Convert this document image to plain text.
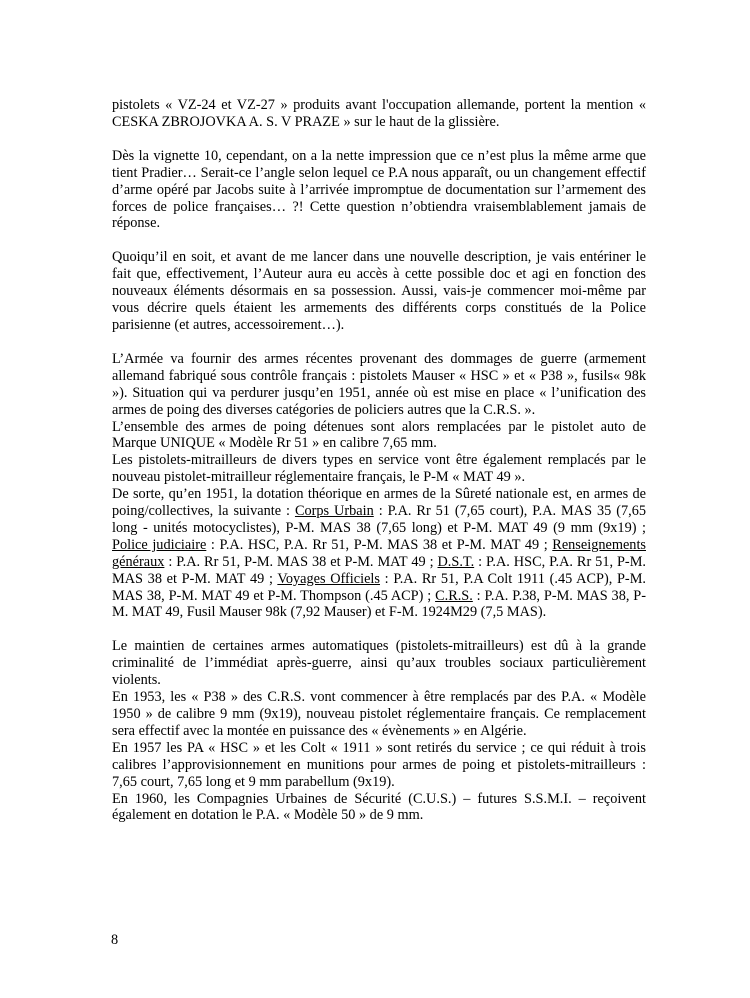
pistolets « VZ-24 et VZ-27 » produits avant l'occupation allemande, portent la mention « CESKA ZBROJOVKA A. S. V PRAZE » sur le haut de la glissière.

Dès la vignette 10, cependant, on a la nette impression que ce n’est plus la même arme que tient Pradier… Serait-ce l’angle selon lequel ce P.A nous apparaît, ou un changement effectif d’arme opéré par Jacobs suite à l’arrivée impromptue de documentation sur l’armement des forces de police françaises… ?! Cette question n’obtiendra vraisemblablement jamais de réponse.

Quoiqu’il en soit, et avant de me lancer dans une nouvelle description, je vais entériner le fait que, effectivement, l’Auteur aura eu accès à cette possible doc et agi en fonction des nouveaux éléments désormais en sa possession. Aussi, vais-je commencer moi-même par vous décrire quels étaient les armements des différents corps constitués de la Police parisienne (et autres, accessoirement…).

L’Armée va fournir des armes récentes provenant des dommages de guerre (armement allemand fabriqué sous contrôle français : pistolets Mauser « HSC » et « P38 », fusils« 98k »). Situation qui va perdurer jusqu’en 1951, année où est mise en place « l’unification des armes de poing des diverses catégories de policiers autres que la C.R.S. ».

L’ensemble des armes de poing détenues sont alors remplacées par le pistolet auto de Marque UNIQUE « Modèle Rr 51 » en calibre 7,65 mm.

Les pistolets-mitrailleurs de divers types en service vont être également remplacés par le nouveau pistolet-mitrailleur réglementaire français, le P-M « MAT 49 ».

De sorte, qu’en 1951, la dotation théorique en armes de la Sûreté nationale est, en armes de poing/collectives, la suivante : Corps Urbain : P.A. Rr 51 (7,65 court), P.A. MAS 35 (7,65 long - unités motocyclistes), P-M. MAS 38 (7,65 long) et P-M. MAT 49 (9 mm (9x19) ; Police judiciaire : P.A. HSC, P.A. Rr 51, P-M. MAS 38 et P-M. MAT 49 ; Renseignements généraux : P.A. Rr 51, P-M. MAS 38 et P-M. MAT 49 ; D.S.T. : P.A. HSC, P.A. Rr 51, P-M. MAS 38 et P-M. MAT 49 ; Voyages Officiels : P.A. Rr 51, P.A Colt 1911 (.45 ACP), P-M. MAS 38, P-M. MAT 49 et P-M. Thompson (.45 ACP) ; C.R.S. : P.A. P.38, P-M. MAS 38, P-M. MAT 49, Fusil Mauser 98k (7,92 Mauser) et F-M. 1924M29 (7,5 MAS).

Le maintien de certaines armes automatiques (pistolets-mitrailleurs) est dû à la grande criminalité de l’immédiat après-guerre, ainsi qu’aux troubles sociaux particulièrement violents.

En 1953, les « P38 » des C.R.S. vont commencer à être remplacés par des P.A. « Modèle 1950 » de calibre 9 mm (9x19), nouveau pistolet réglementaire français. Ce remplacement sera effectif avec la montée en puissance des « évènements » en Algérie.

En 1957 les PA « HSC » et les Colt « 1911 » sont retirés du service ; ce qui réduit à trois calibres l’approvisionnement en munitions pour armes de poing et pistolets-mitrailleurs : 7,65 court, 7,65 long et 9 mm parabellum (9x19).

En 1960, les Compagnies Urbaines de Sécurité (C.U.S.) – futures S.S.M.I. – reçoivent également en dotation le P.A. « Modèle 50 » de 9 mm.

8
